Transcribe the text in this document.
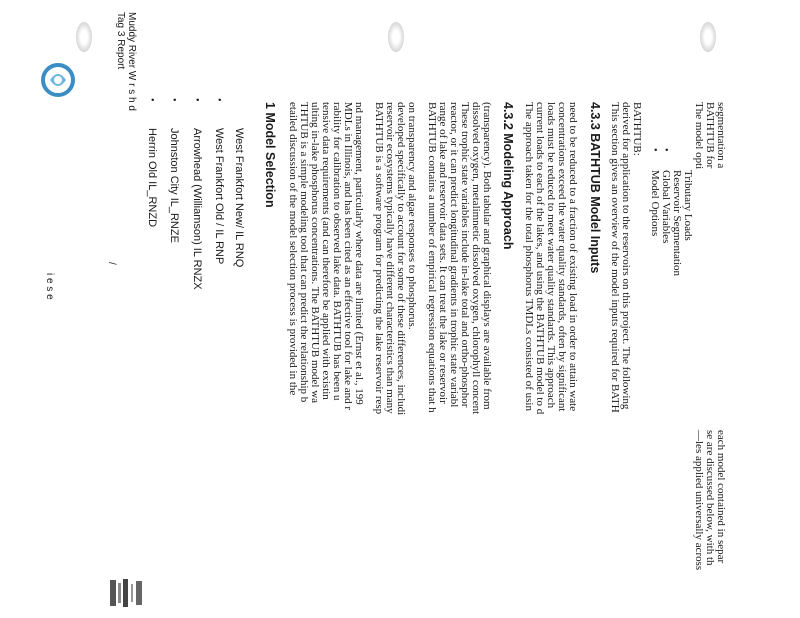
Muddy River W r s h d
Tag 3 Report
/
i e s e
•
Herrin Old IL_RNZD
•
Johnston City IL_RNZE
•
Arrowhead (Williamson) IL RNZX
•
West Frankfort Old / IL RNP West Frankfort New/ IL RNQ 1 Model Selection etailed discussion of the model selection process is provided in the THTUB is a simple modeling tool that can predict the relationship b ulting in-lake phosphorus concentrations. The BATHTUB model wa tensive data requirements (and can therefore be applied with existin rability for calibration to observed lake data. BATHTUB has been u MDLs in Illinois, and has been cited as an effective tool for lake and r nd management, particularly where data are limited (Ernst et al., 199 BATHTUB is a software program for predicting the lake reservoir resp reservoir ecosystems typically have different characteristics than many developed specifically to account for some of these differences, includi on transparency and algae responses to phosphorus. BATHTUB contains a number of empirical regression equations that h range of lake and reservoir data sets. It can treat the lake or reservoir reactor, or it can predict longitudinal gradients in trophic state variabl These trophic state variables include in-lake total and ortho-phosphor dissolved oxygen, metalimnetic dissolved oxygen, chlorophyll concent (transparency). Both tabular and graphical displays are available from 4.3.2 Modeling Approach The approach taken for the total phosphorus TMDLs consisted of usin current loads to each of the lakes, and using the BATHTUB model to d loads must be reduced to meet water quality standards. This approach concentrations exceed the water quality standards, often by significant need to be reduced to a fraction of existing load in order to attain wate 4.3.3 BATHTUB Model Inputs This section gives an overview of the model inputs required for BATH derived for application to the reservoirs on this project. The following BATHTUB: •
Model Options
•
Global Variables Reservoir Segmentation Tributary Loads
The model opti BATHTUB for segmentation a
—les applied universally across se are discussed below, with th each model contained in separ
